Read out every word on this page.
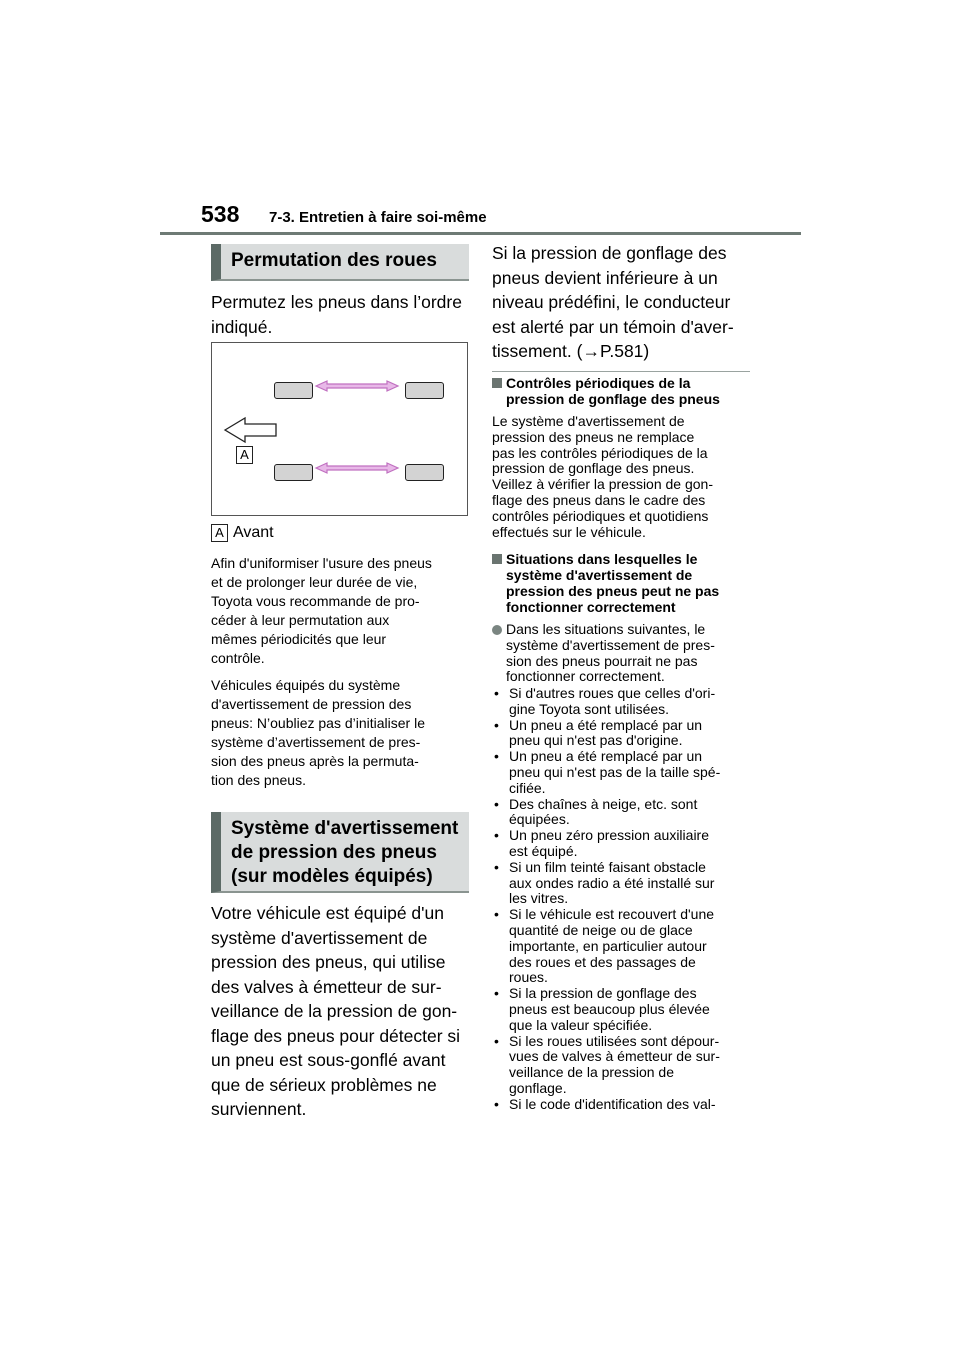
538 7-3. Entretien à faire soi-même
Permutation des roues
Permutez les pneus dans l’ordre indiqué.
A
A Avant
Afin d'uniformiser l'usure des pneus
et de prolonger leur durée de vie,
Toyota vous recommande de pro-
céder à leur permutation aux
mêmes périodicités que leur
contrôle.
Véhicules équipés du système
d'avertissement de pression des
pneus: N’oubliez pas d’initialiser le
système d’avertissement de pres-
sion des pneus après la permuta-
tion des pneus.
Système d'avertissement
de pression des pneus
(sur modèles équipés)
Votre véhicule est équipé d'un
système d'avertissement de
pression des pneus, qui utilise
des valves à émetteur de sur-
veillance de la pression de gon-
flage des pneus pour détecter si
un pneu est sous-gonflé avant
que de sérieux problèmes ne
surviennent.
Si la pression de gonflage des
pneus devient inférieure à un
niveau prédéfini, le conducteur
est alerté par un témoin d'aver-
tissement. (→P.581)
Contrôles périodiques de la
pression de gonflage des pneus
Le système d'avertissement de
pression des pneus ne remplace
pas les contrôles périodiques de la
pression de gonflage des pneus.
Veillez à vérifier la pression de gon-
flage des pneus dans le cadre des
contrôles périodiques et quotidiens
effectués sur le véhicule.
Situations dans lesquelles le
système d'avertissement de
pression des pneus peut ne pas
fonctionner correctement
Dans les situations suivantes, le
système d'avertissement de pres-
sion des pneus pourrait ne pas
fonctionner correctement.
• Si d'autres roues que celles d'ori-
gine Toyota sont utilisées.
• Un pneu a été remplacé par un
pneu qui n'est pas d'origine.
• Un pneu a été remplacé par un
pneu qui n'est pas de la taille spé-
cifiée.
• Des chaînes à neige, etc. sont
équipées.
• Un pneu zéro pression auxiliaire
est équipé.
• Si un film teinté faisant obstacle
aux ondes radio a été installé sur
les vitres.
• Si le véhicule est recouvert d'une
quantité de neige ou de glace
importante, en particulier autour
des roues et des passages de
roues.
• Si la pression de gonflage des
pneus est beaucoup plus élevée
que la valeur spécifiée.
• Si les roues utilisées sont dépour-
vues de valves à émetteur de sur-
veillance de la pression de
gonflage.
• Si le code d'identification des val-
